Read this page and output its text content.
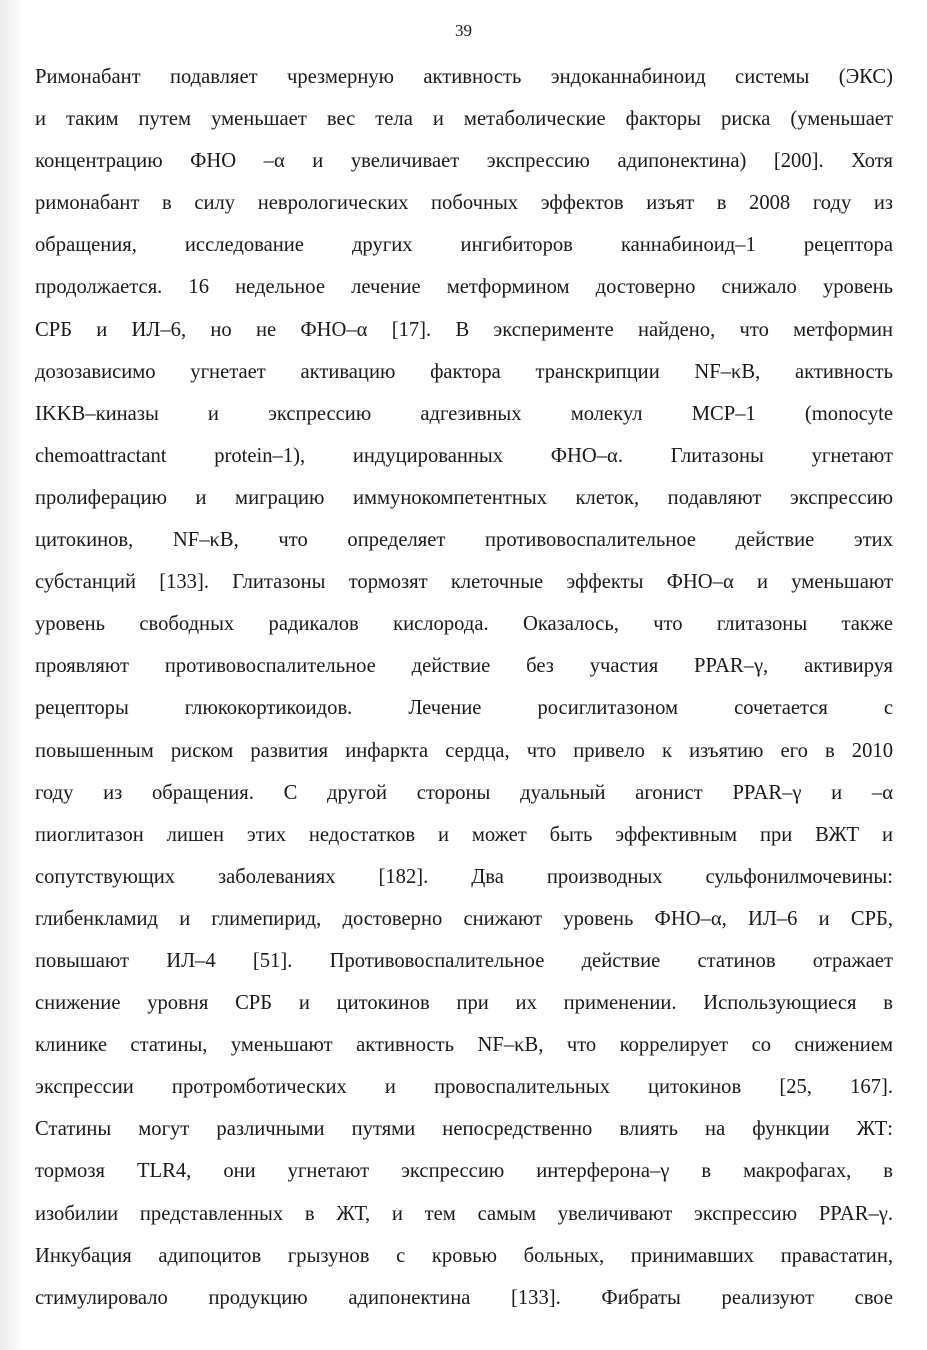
39
Римонабант подавляет чрезмерную активность эндоканнабиноид системы (ЭКС)
и таким путем уменьшает вес тела и метаболические факторы риска (уменьшает
концентрацию ФНО –α и увеличивает экспрессию адипонектина) [200]. Хотя
римонабант в силу неврологических побочных эффектов изъят в 2008 году из
обращения, исследование других ингибиторов каннабиноид–1 рецептора
продолжается. 16 недельное лечение метформином достоверно снижало уровень
СРБ и ИЛ–6, но не ФНО–α [17]. В эксперименте найдено, что метформин
дозозависимо угнетает активацию фактора транскрипции NF–κB, активность
IKKB–киназы и экспрессию адгезивных молекул MCP–1 (monocyte
chemoattractant protein–1), индуцированных ФНО–α. Глитазоны угнетают
пролиферацию и миграцию иммунокомпетентных клеток, подавляют экспрессию
цитокинов, NF–κB, что определяет противовоспалительное действие этих
субстанций [133]. Глитазоны тормозят клеточные эффекты ФНО–α и уменьшают
уровень свободных радикалов кислорода. Оказалось, что глитазоны также
проявляют противовоспалительное действие без участия PPAR–γ, активируя
рецепторы глюкокортикоидов. Лечение росиглитазоном сочетается с
повышенным риском развития инфаркта сердца, что привело к изъятию его в 2010
году из обращения. С другой стороны дуальный агонист PPAR–γ и –α
пиоглитазон лишен этих недостатков и может быть эффективным при ВЖТ и
сопутствующих заболеваниях [182]. Два производных сульфонилмочевины:
глибенкламид и глимепирид, достоверно снижают уровень ФНО–α, ИЛ–6 и СРБ,
повышают ИЛ–4 [51]. Противовоспалительное действие статинов отражает
снижение уровня СРБ и цитокинов при их применении. Использующиеся в
клинике статины, уменьшают активность NF–κB, что коррелирует со снижением
экспрессии протромботических и провоспалительных цитокинов [25, 167].
Статины могут различными путями непосредственно влиять на функции ЖТ:
тормозя TLR4, они угнетают экспрессию интерферона–γ в макрофагах, в
изобилии представленных в ЖТ, и тем самым увеличивают экспрессию PPAR–γ.
Инкубация адипоцитов грызунов с кровью больных, принимавших правастатин,
стимулировало продукцию адипонектина [133]. Фибраты реализуют свое
